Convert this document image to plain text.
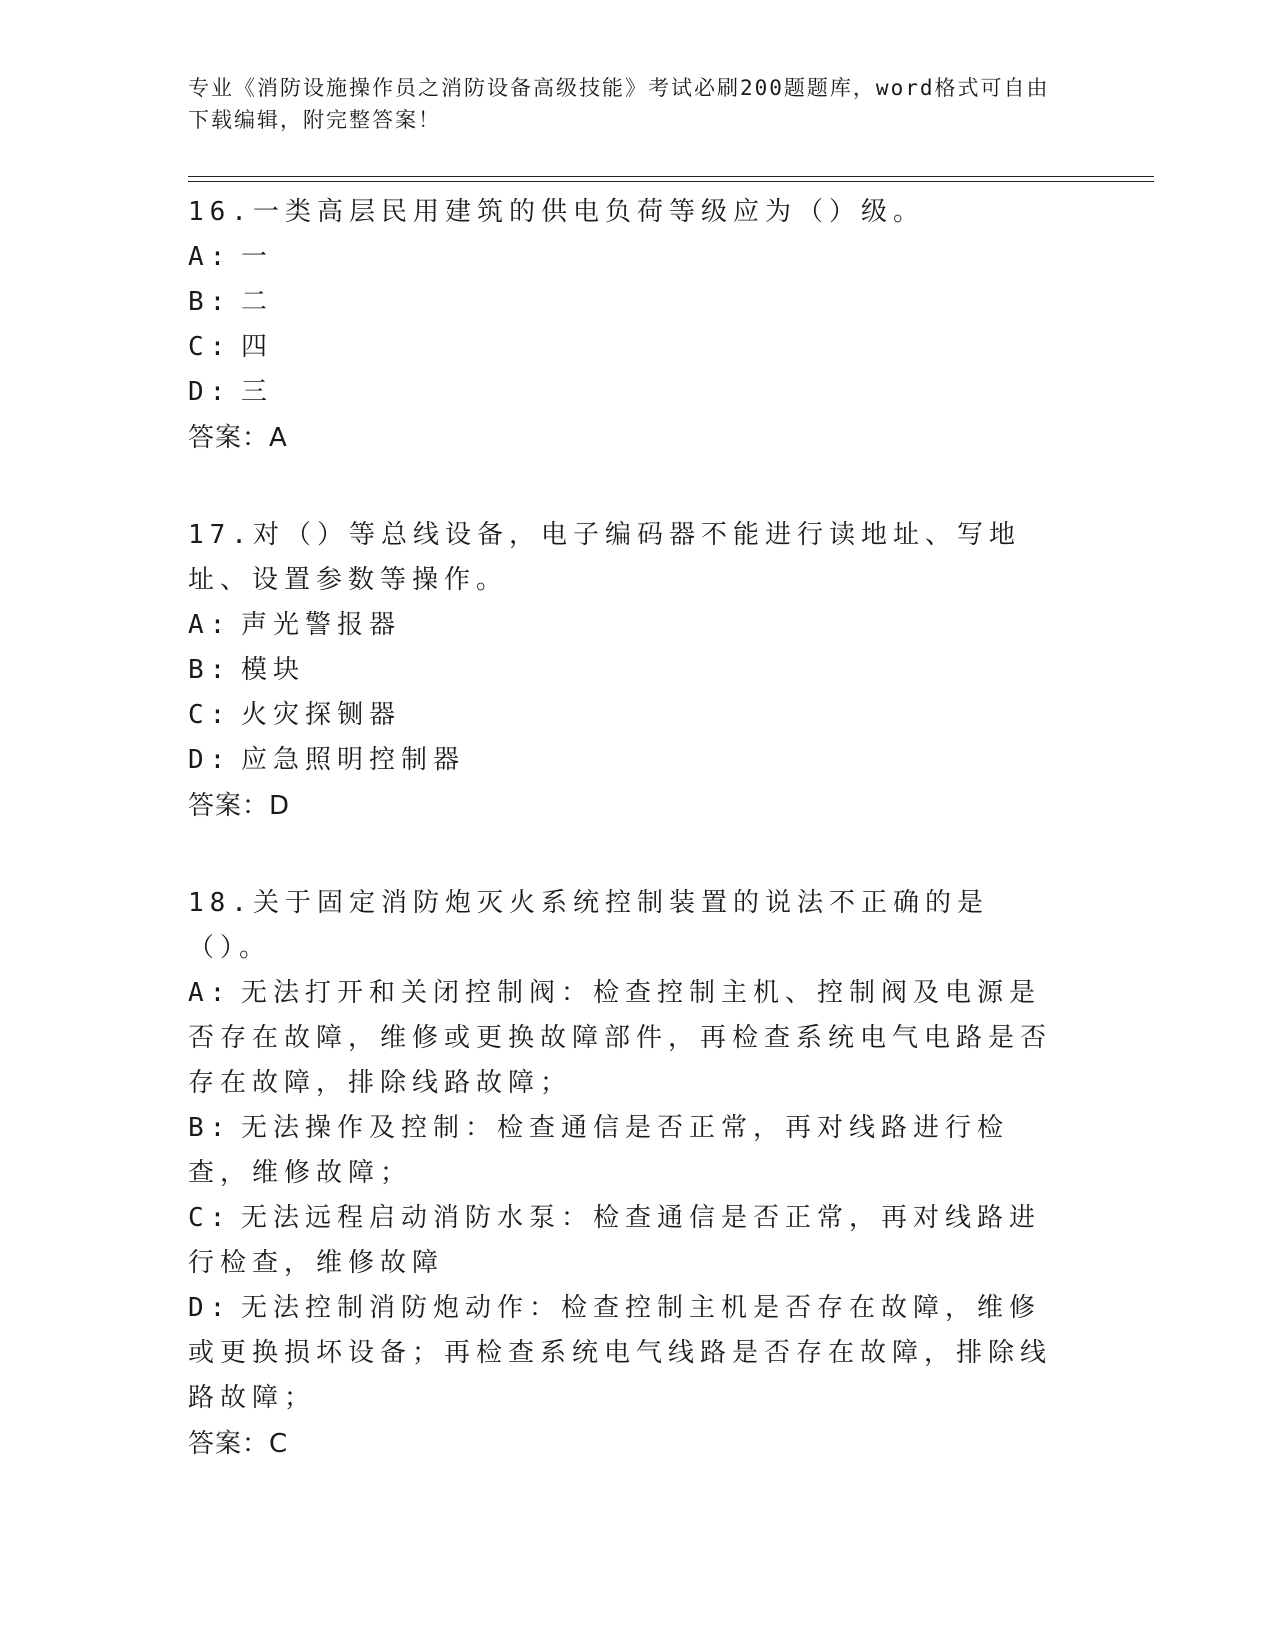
专业《消防设施操作员之消防设备高级技能》考试必刷200题题库，word格式可自由下载编辑，附完整答案！

16.一类高层民用建筑的供电负荷等级应为（）级。

A: 一

B: 二

C: 四

D: 三

答案：A

17.对（）等总线设备，电子编码器不能进行读地址、写地址、设置参数等操作。

A: 声光警报器

B: 模块

C: 火灾探铡器

D: 应急照明控制器

答案：D

18.关于固定消防炮灭火系统控制装置的说法不正确的是（）。

A: 无法打开和关闭控制阀：检查控制主机、控制阀及电源是否存在故障，维修或更换故障部件，再检查系统电气电路是否存在故障，排除线路故障；

B: 无法操作及控制：检查通信是否正常，再对线路进行检查，维修故障；

C: 无法远程启动消防水泵：检查通信是否正常，再对线路进行检查，维修故障

D: 无法控制消防炮动作：检查控制主机是否存在故障，维修或更换损坏设备；再检查系统电气线路是否存在故障，排除线路故障；

答案：C
